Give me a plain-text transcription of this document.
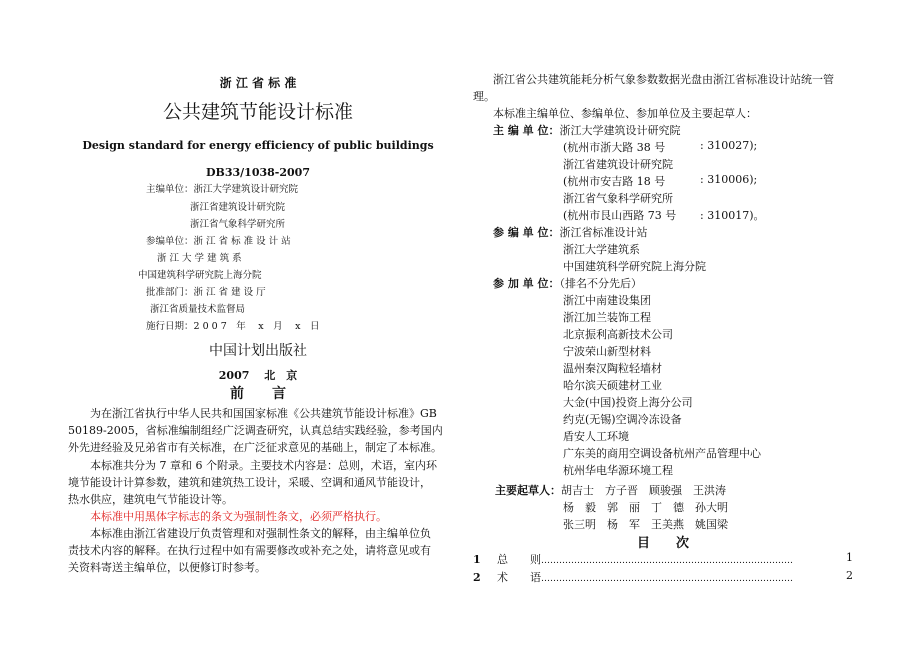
浙 江 省 标 准
公共建筑节能设计标准
Design standard for energy efficiency of public buildings
DB33/1038-2007
主编单位：浙江大学建筑设计研究院
浙江省建筑设计研究院
浙江省气象科学研究所
参编单位：浙 江 省 标 准 设 计 站
浙 江 大 学 建 筑 系
中国建筑科学研究院上海分院
批准部门：浙 江 省 建 设 厅
浙江省质量技术监督局
施行日期：2 0 0 7　年　 x　月　 x　日
中国计划出版社
2007　 北　京
前　　言
为在浙江省执行中华人民共和国国家标准《公共建筑节能设计标准》GB
50189-2005，省标准编制组经广泛调查研究，认真总结实践经验，参考国内
外先进经验及兄弟省市有关标准，在广泛征求意见的基础上，制定了本标准。
本标准共分为 7 章和 6 个附录。主要技术内容是：总则，术语，室内环
境节能设计计算参数，建筑和建筑热工设计，采暖、空调和通风节能设计，
热水供应，建筑电气节能设计等。
本标准中用黑体字标志的条文为强制性条文，必须严格执行。
本标准由浙江省建设厅负责管理和对强制性条文的解释，由主编单位负
责技术内容的解释。在执行过程中如有需要修改或补充之处，请将意见或有
关资料寄送主编单位，以便修订时参考。
浙江省公共建筑能耗分析气象参数数据光盘由浙江省标准设计站统一管
理。
本标准主编单位、参编单位、参加单位及主要起草人：
主 编 单 位：浙江大学建筑设计研究院
(杭州市浙大路 38 号	: 310027);
浙江省建筑设计研究院
(杭州市安吉路 18 号	: 310006);
浙江省气象科学研究所
(杭州市艮山西路 73 号 : 310017)。
参 编 单 位：浙江省标准设计站
浙江大学建筑系
中国建筑科学研究院上海分院
参 加 单 位：（排名不分先后）
浙江中南建设集团
浙江加兰装饰工程
北京振利高新技术公司
宁波荣山新型材料
温州秦汉陶粒轻墙材
哈尔滨天硕建材工业
大金(中国)投资上海分公司
约克(无锡)空调冷冻设备
盾安人工环境
广东美的商用空调设备杭州产品管理中心
杭州华电华源环境工程
主要起草人：胡吉士　方子晋　顾骏强　王洪涛
杨　毅　郭　丽　丁　德　孙大明
张三明　杨　军　王美燕　姚国梁
目　　次
1 总　　则…………………………………………………………………………	1
2 术　　语…………………………………………………………………………	2
